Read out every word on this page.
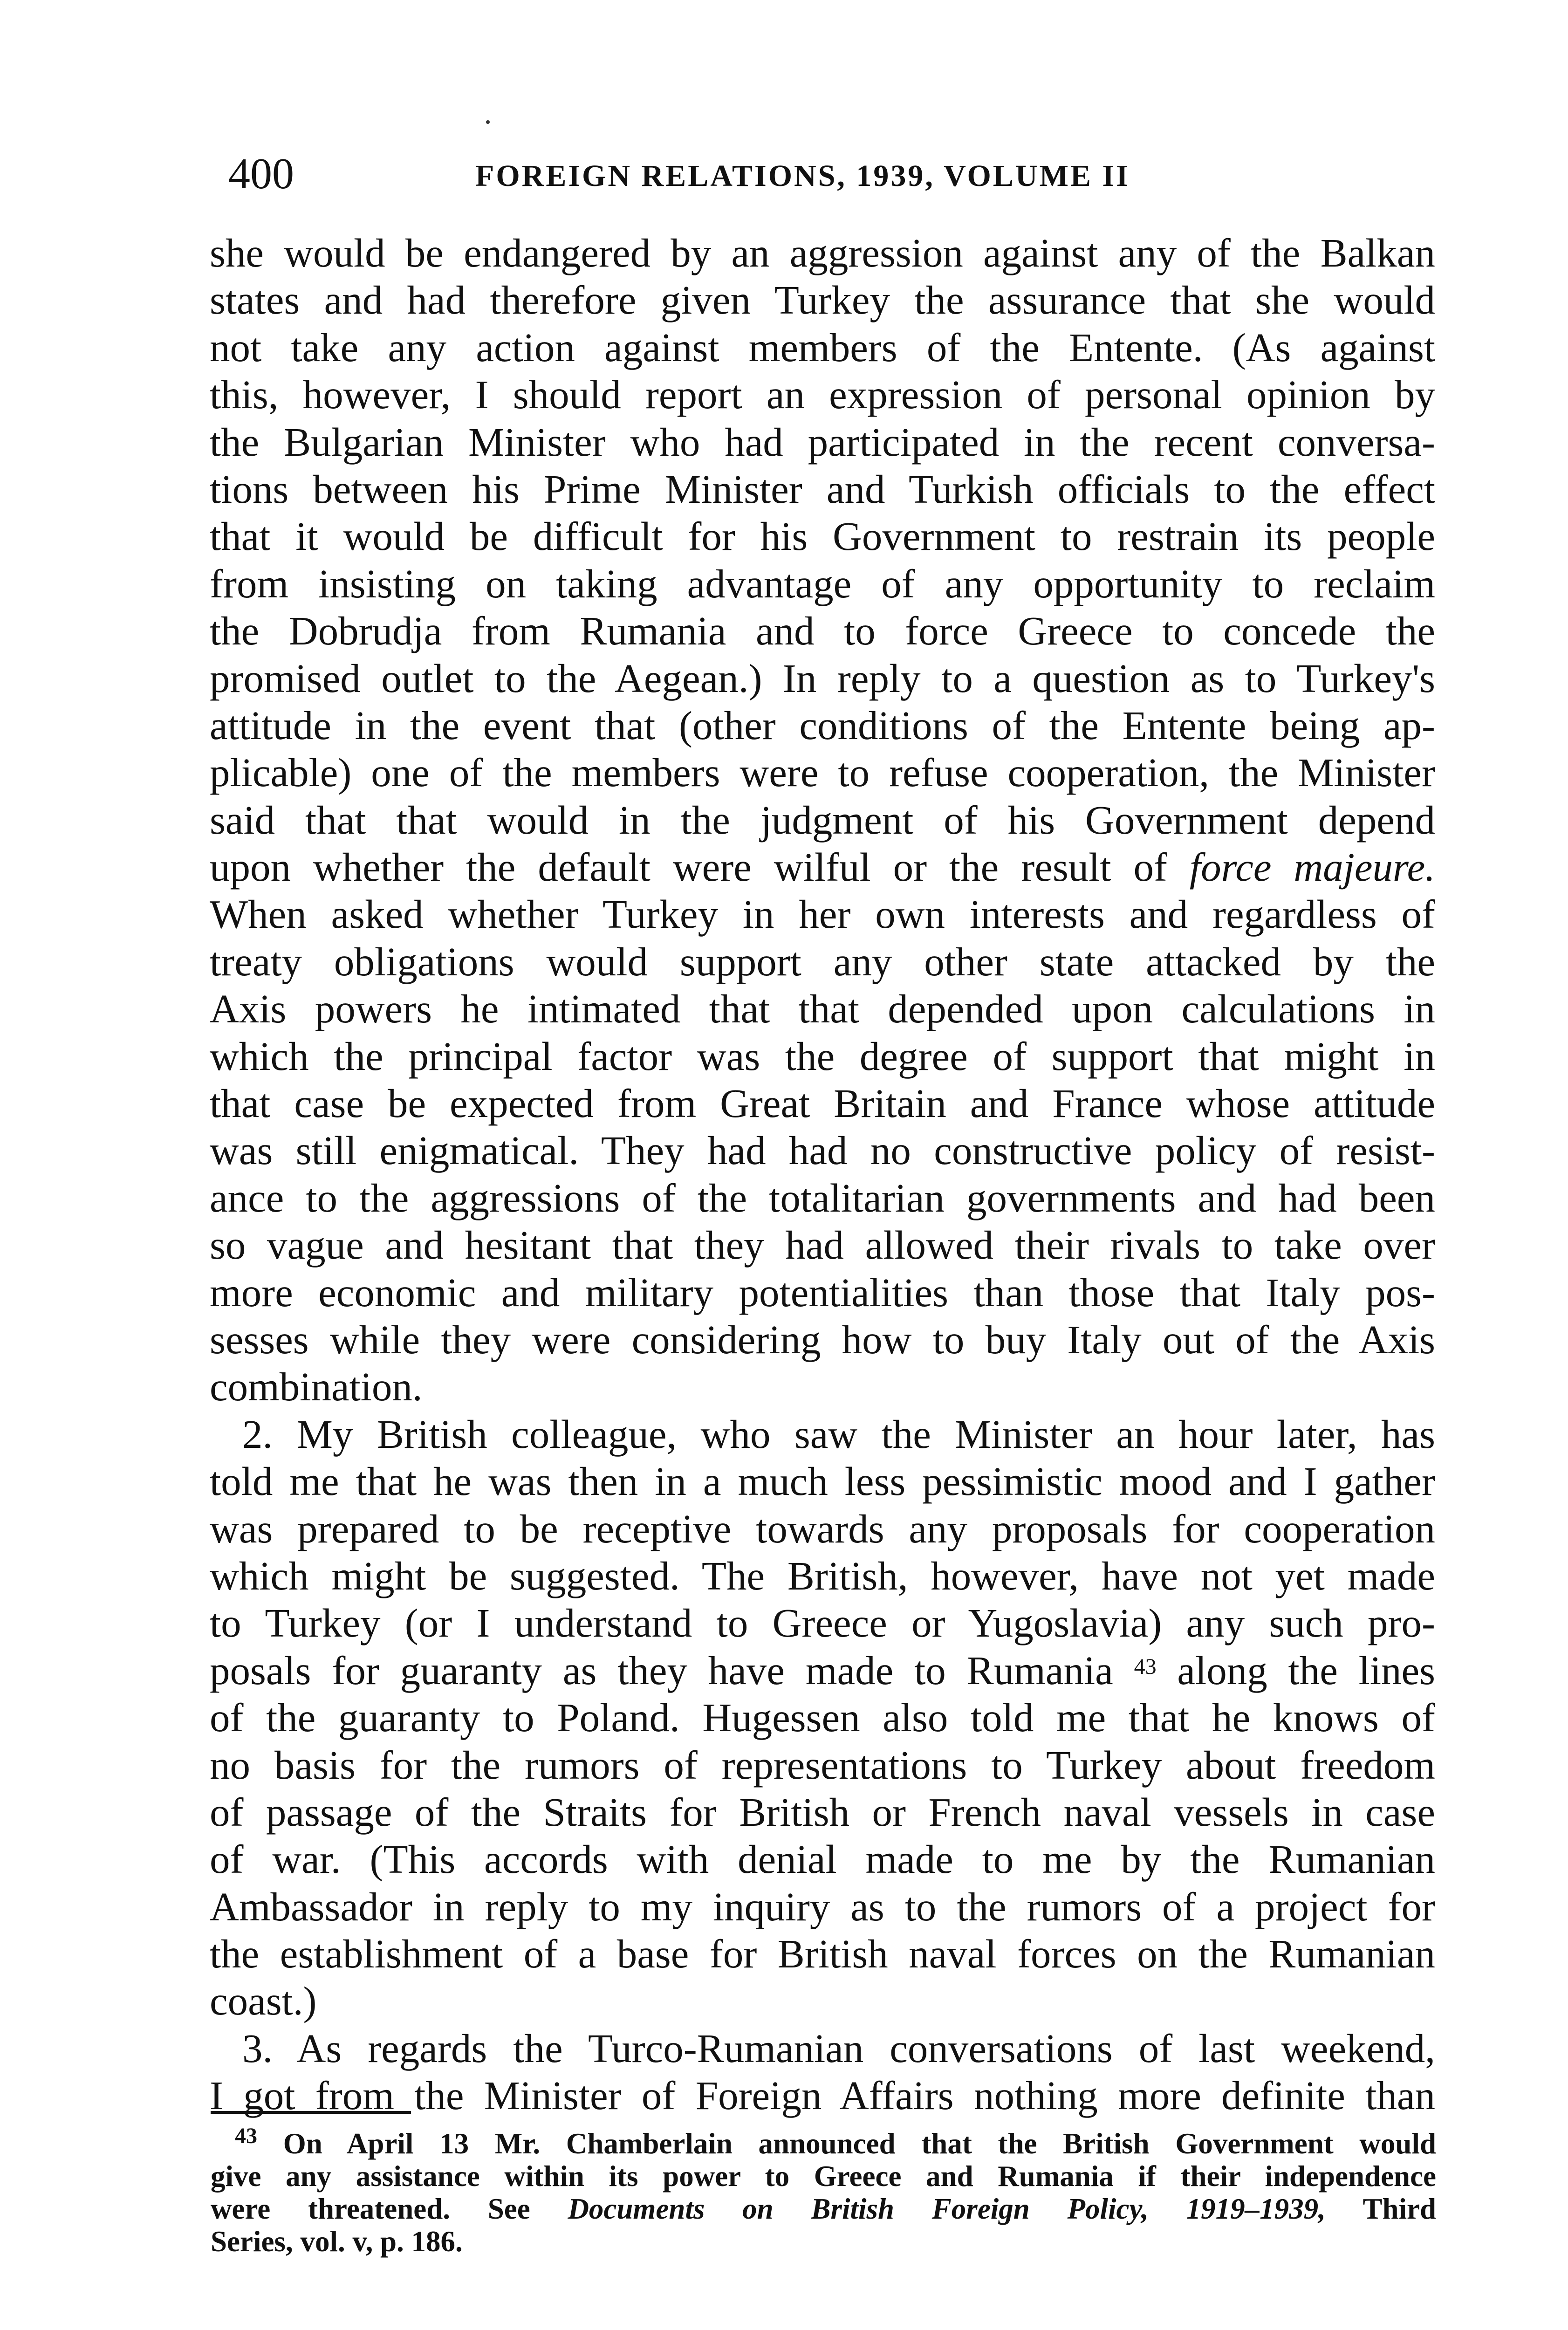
400	FOREIGN RELATIONS, 1939, VOLUME II
she would be endangered by an aggression against any of the Balkan
states and had therefore given Turkey the assurance that she would
not take any action against members of the Entente. (As against
this, however, I should report an expression of personal opinion by
the Bulgarian Minister who had participated in the recent conversa-
tions between his Prime Minister and Turkish officials to the effect
that it would be difficult for his Government to restrain its people
from insisting on taking advantage of any opportunity to reclaim
the Dobrudja from Rumania and to force Greece to concede the
promised outlet to the Aegean.) In reply to a question as to Turkey's
attitude in the event that (other conditions of the Entente being ap-
plicable) one of the members were to refuse cooperation, the Minister
said that that would in the judgment of his Government depend
upon whether the default were wilful or the result of force majeure.
When asked whether Turkey in her own interests and regardless of
treaty obligations would support any other state attacked by the
Axis powers he intimated that that depended upon calculations in
which the principal factor was the degree of support that might in
that case be expected from Great Britain and France whose attitude
was still enigmatical. They had had no constructive policy of resist-
ance to the aggressions of the totalitarian governments and had been
so vague and hesitant that they had allowed their rivals to take over
more economic and military potentialities than those that Italy pos-
sesses while they were considering how to buy Italy out of the Axis
combination.
2. My British colleague, who saw the Minister an hour later, has
told me that he was then in a much less pessimistic mood and I gather
was prepared to be receptive towards any proposals for cooperation
which might be suggested. The British, however, have not yet made
to Turkey (or I understand to Greece or Yugoslavia) any such pro-
posals for guaranty as they have made to Rumania $^{43}$ along the lines
of the guaranty to Poland. Hugessen also told me that he knows of
no basis for the rumors of representations to Turkey about freedom
of passage of the Straits for British or French naval vessels in case
of war. (This accords with denial made to me by the Rumanian
Ambassador in reply to my inquiry as to the rumors of a project for
the establishment of a base for British naval forces on the Rumanian
coast.)
3. As regards the Turco-Rumanian conversations of last weekend,
I got from the Minister of Foreign Affairs nothing more definite than
$^{43}$ On April 13 Mr. Chamberlain announced that the British Government would
give any assistance within its power to Greece and Rumania if their independence
were threatened. See Documents on British Foreign Policy, 1919–1939, Third
Series, vol. v, p. 186.
